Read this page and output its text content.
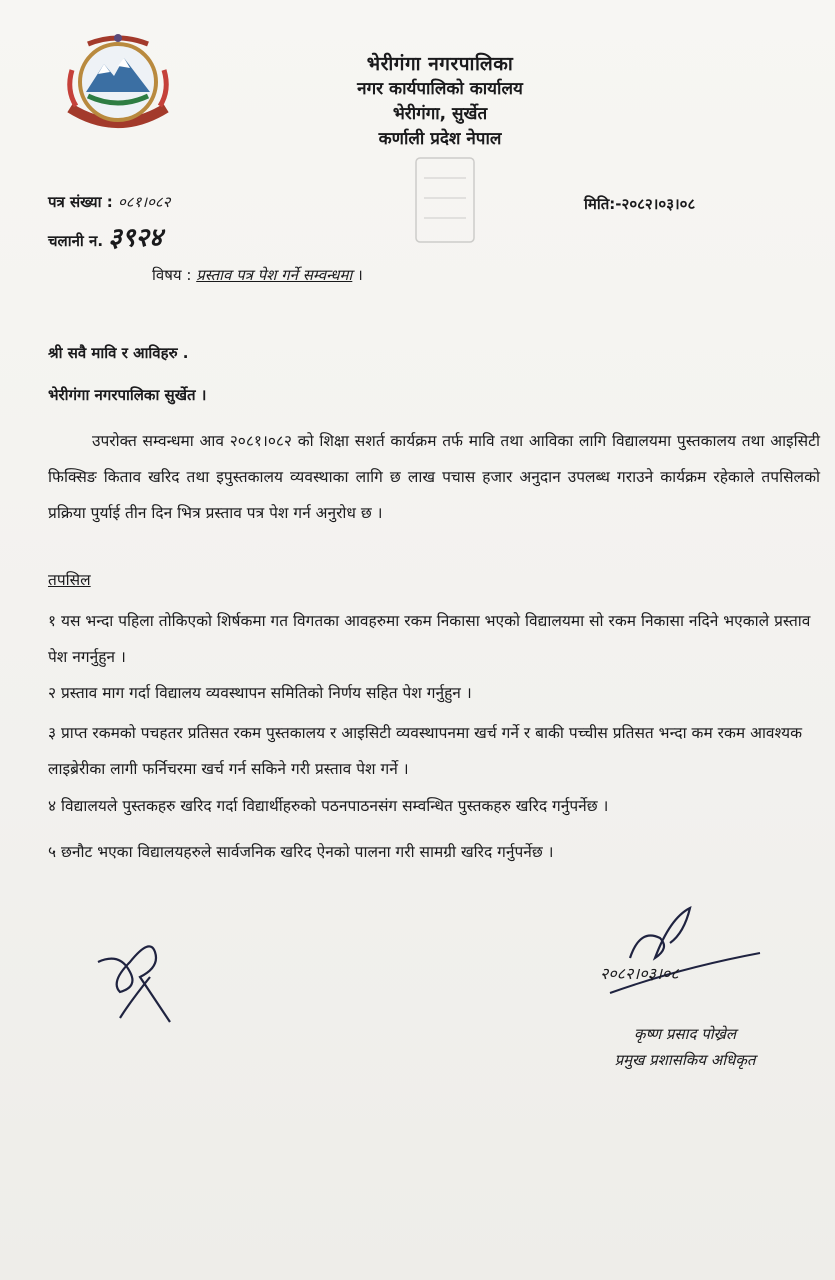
भेरीगंगा नगरपालिका
नगर कार्यपालिको कार्यालय
भेरीगंगा, सुर्खेत
कर्णाली प्रदेश नेपाल
पत्र संख्या : ०८१।०८२
चलानी न. ३९२४
मिति:-२०८२।०३।०८
विषय : प्रस्ताव पत्र पेश गर्ने सम्वन्धमा ।
श्री सवै मावि र आविहरु .
भेरीगंगा नगरपालिका सुर्खेत ।
उपरोक्त सम्वन्धमा आव २०८१।०८२ को शिक्षा सशर्त कार्यक्रम तर्फ मावि तथा आविका लागि विद्यालयमा पुस्तकालय तथा आइसिटी फिक्सिङ किताव खरिद तथा इपुस्तकालय व्यवस्थाका लागि छ लाख पचास हजार अनुदान उपलब्ध गराउने कार्यक्रम रहेकाले तपसिलको प्रक्रिया पुर्याई तीन दिन भित्र प्रस्ताव पत्र पेश गर्न अनुरोध छ ।
तपसिल
१ यस भन्दा पहिला तोकिएको शिर्षकमा गत विगतका आवहरुमा रकम निकासा भएको विद्यालयमा सो रकम निकासा नदिने भएकाले प्रस्ताव पेश नगर्नुहुन ।
२ प्रस्ताव माग गर्दा विद्यालय व्यवस्थापन समितिको निर्णय सहित पेश गर्नुहुन ।
३ प्राप्त रकमको पचहतर प्रतिसत रकम पुस्तकालय र आइसिटी व्यवस्थापनमा खर्च गर्ने र बाकी पच्चीस प्रतिसत भन्दा कम रकम आवश्यक लाइब्रेरीका लागी फर्निचरमा खर्च गर्न सकिने गरी प्रस्ताव पेश गर्ने ।
४ विद्यालयले पुस्तकहरु खरिद गर्दा विद्यार्थीहरुको पठनपाठनसंग सम्वन्धित पुस्तकहरु खरिद गर्नुपर्नेछ ।
५ छनौट भएका विद्यालयहरुले सार्वजनिक खरिद ऐनको पालना गरी सामग्री खरिद गर्नुपर्नेछ ।
२०८२।०३।०८
कृष्ण प्रसाद पोख्रेल
प्रमुख प्रशासकिय अधिकृत
